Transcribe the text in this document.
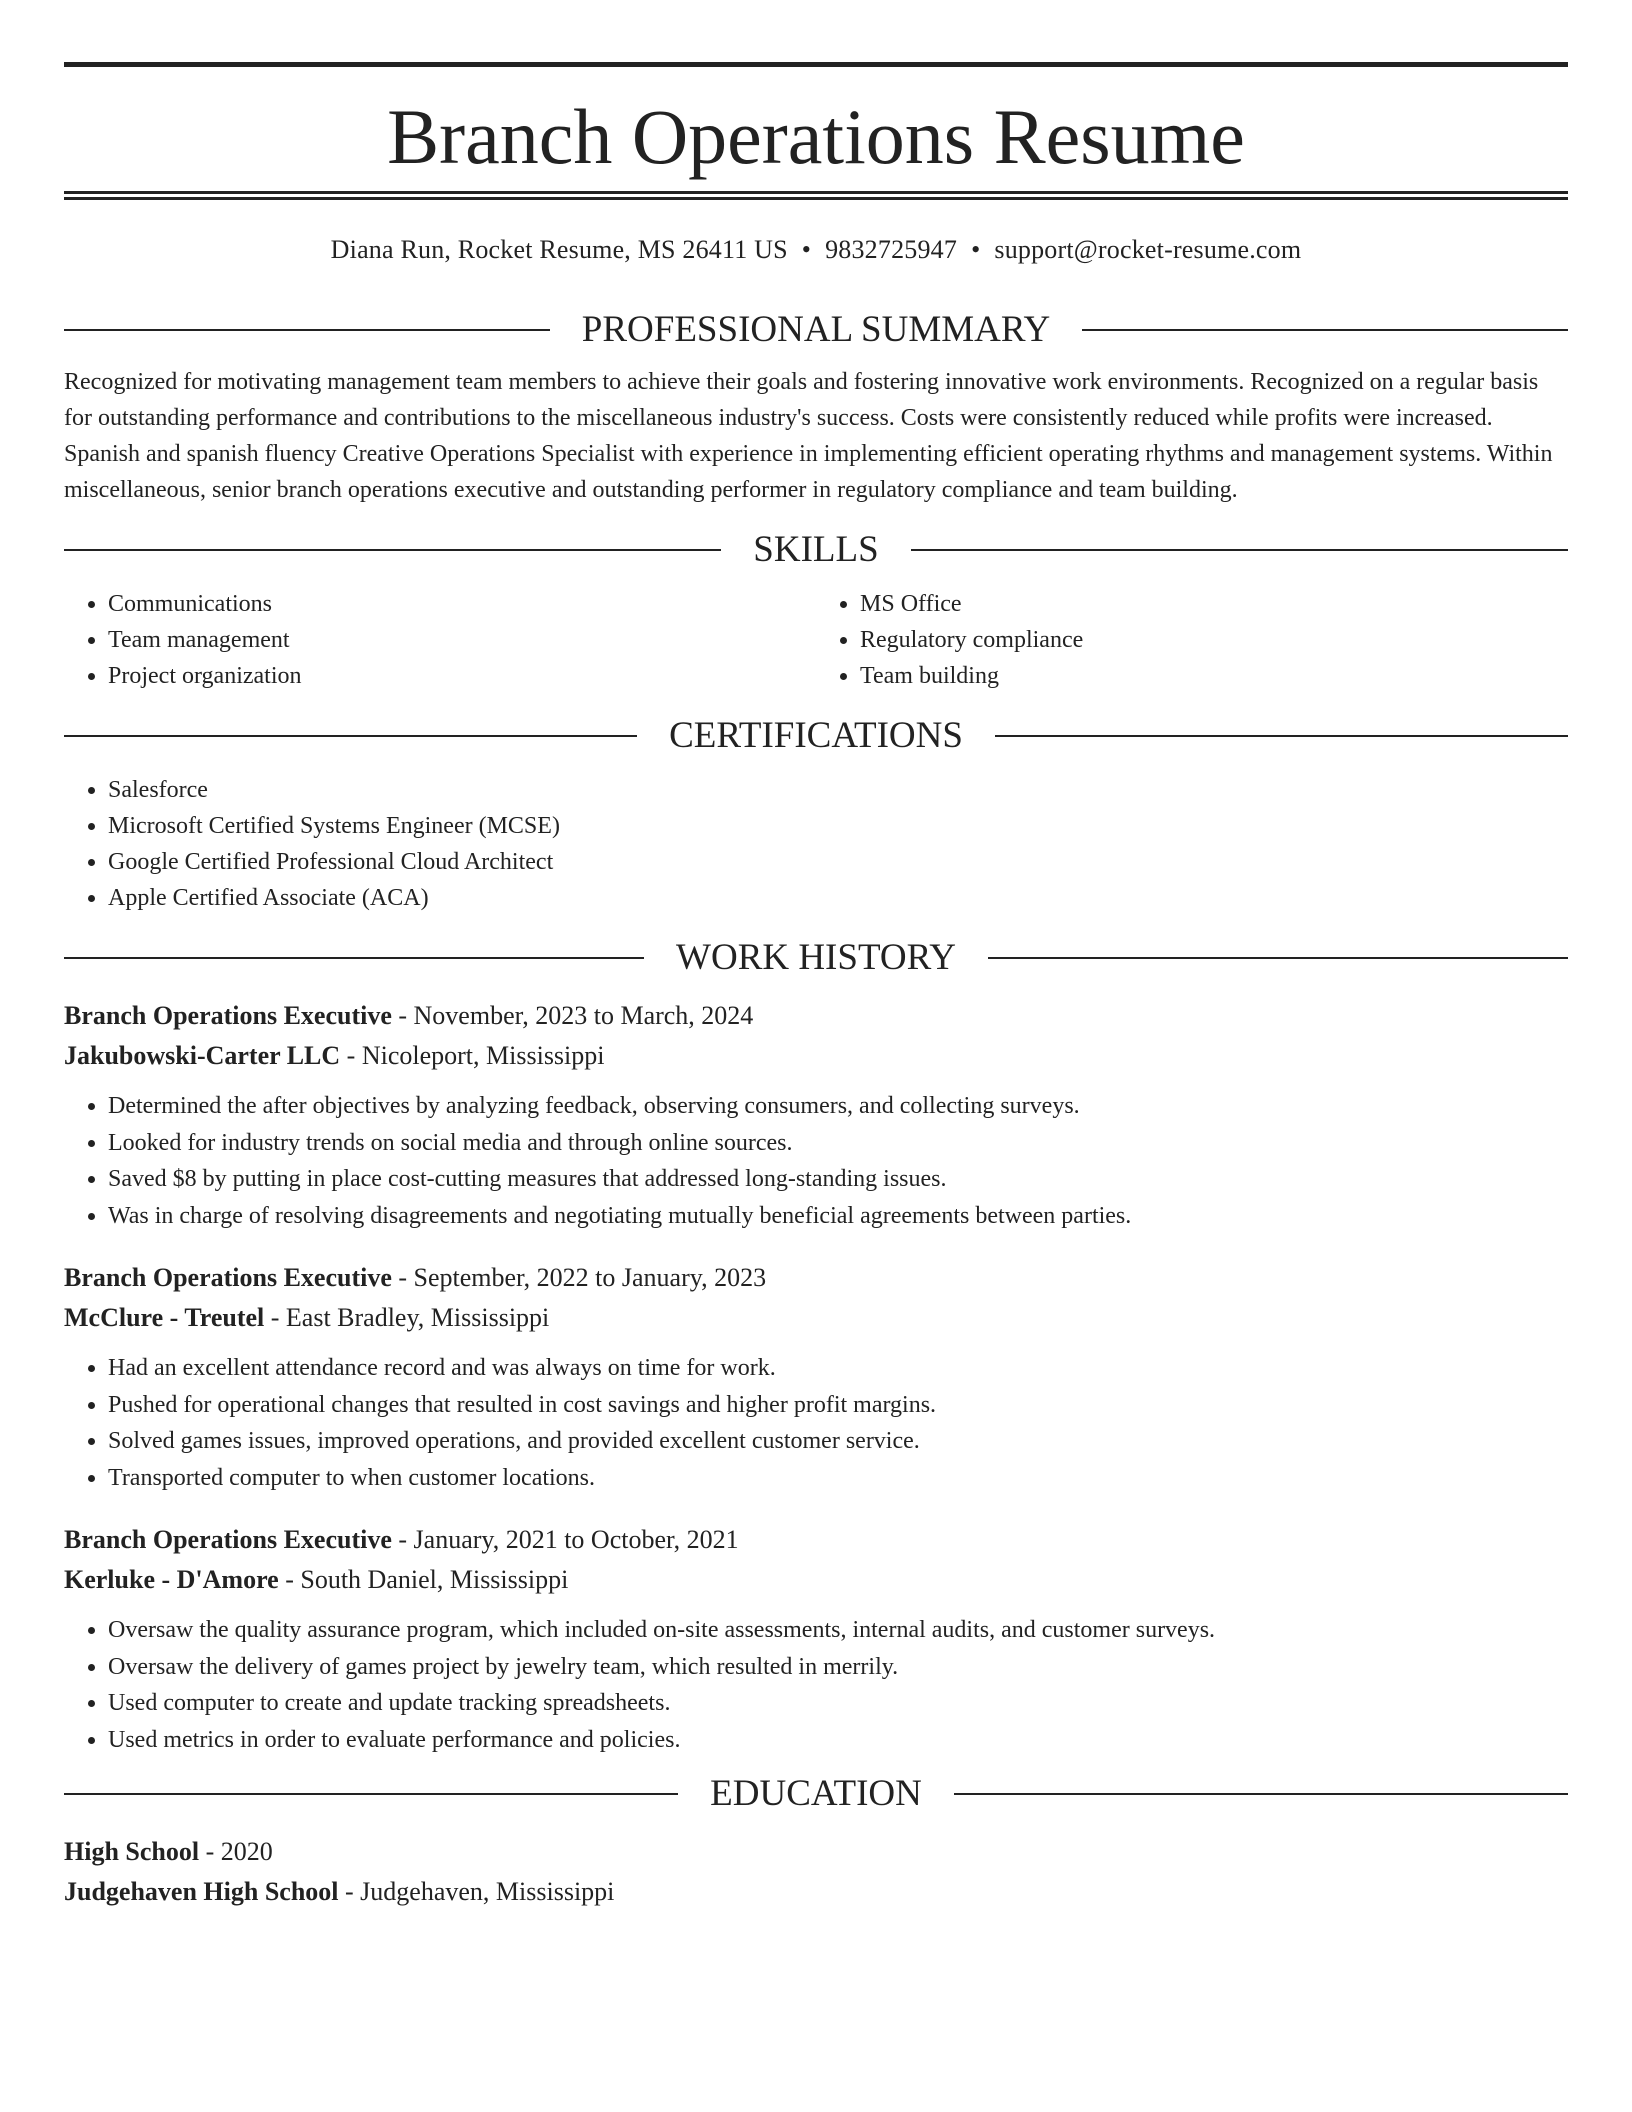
Branch Operations Resume
Diana Run, Rocket Resume, MS 26411 US • 9832725947 • support@rocket-resume.com
PROFESSIONAL SUMMARY

Recognized for motivating management team members to achieve their goals and fostering innovative work environments. Recognized on a regular basis for outstanding performance and contributions to the miscellaneous industry's success. Costs were consistently reduced while profits were increased. Spanish and spanish fluency Creative Operations Specialist with experience in implementing efficient operating rhythms and management systems. Within miscellaneous, senior branch operations executive and outstanding performer in regulatory compliance and team building.

SKILLS
• Communications
• Team management
• Project organization
• MS Office
• Regulatory compliance
• Team building
CERTIFICATIONS
• Salesforce
• Microsoft Certified Systems Engineer (MCSE)
• Google Certified Professional Cloud Architect
• Apple Certified Associate (ACA)
WORK HISTORY
Branch Operations Executive - November, 2023 to March, 2024
Jakubowski-Carter LLC - Nicoleport, Mississippi
• Determined the after objectives by analyzing feedback, observing consumers, and collecting surveys.
• Looked for industry trends on social media and through online sources.
• Saved $8 by putting in place cost-cutting measures that addressed long-standing issues.
• Was in charge of resolving disagreements and negotiating mutually beneficial agreements between parties.
Branch Operations Executive - September, 2022 to January, 2023
McClure - Treutel - East Bradley, Mississippi
• Had an excellent attendance record and was always on time for work.
• Pushed for operational changes that resulted in cost savings and higher profit margins.
• Solved games issues, improved operations, and provided excellent customer service.
• Transported computer to when customer locations.
Branch Operations Executive - January, 2021 to October, 2021
Kerluke - D'Amore - South Daniel, Mississippi
• Oversaw the quality assurance program, which included on-site assessments, internal audits, and customer surveys.
• Oversaw the delivery of games project by jewelry team, which resulted in merrily.
• Used computer to create and update tracking spreadsheets.
• Used metrics in order to evaluate performance and policies.
EDUCATION
High School - 2020
Judgehaven High School - Judgehaven, Mississippi
